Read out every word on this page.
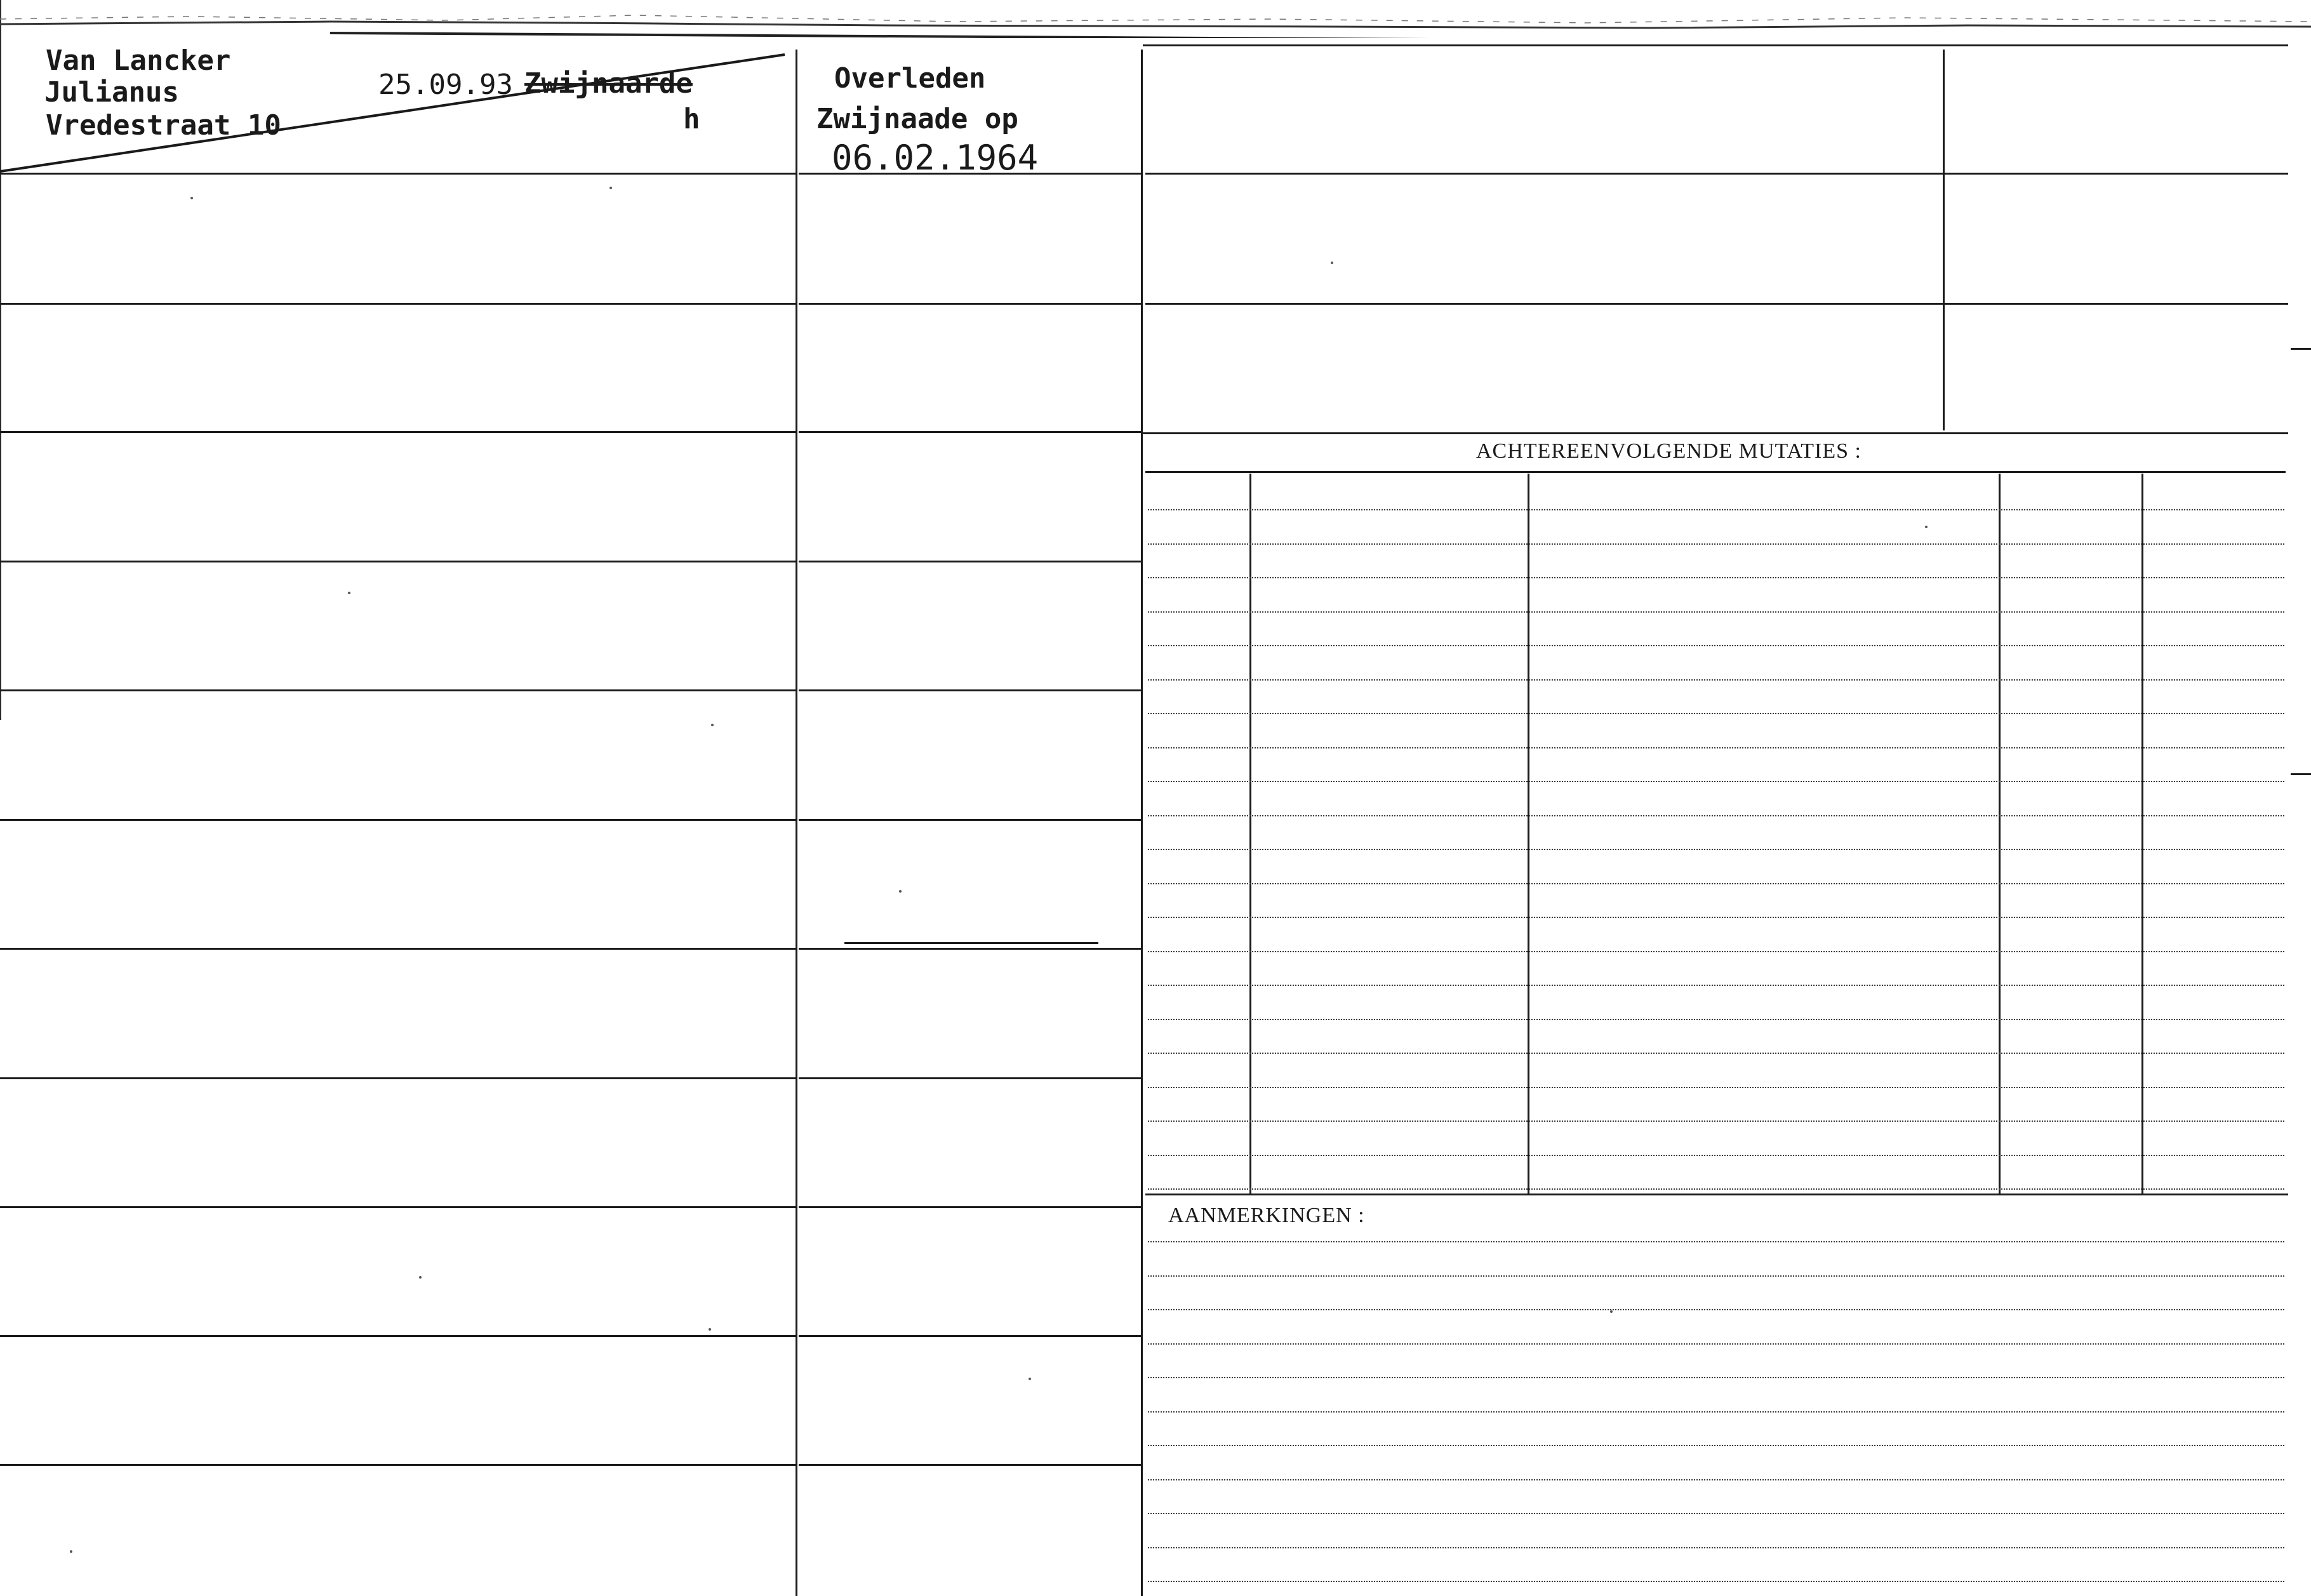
ACHTEREENVOLGENDE MUTATIES :
AANMERKINGEN :
Van Lancker
Julianus
Vredestraat 10
25.09.93 Zwijnaarde
h
Overleden
Zwijnaade op
06.02.1964
